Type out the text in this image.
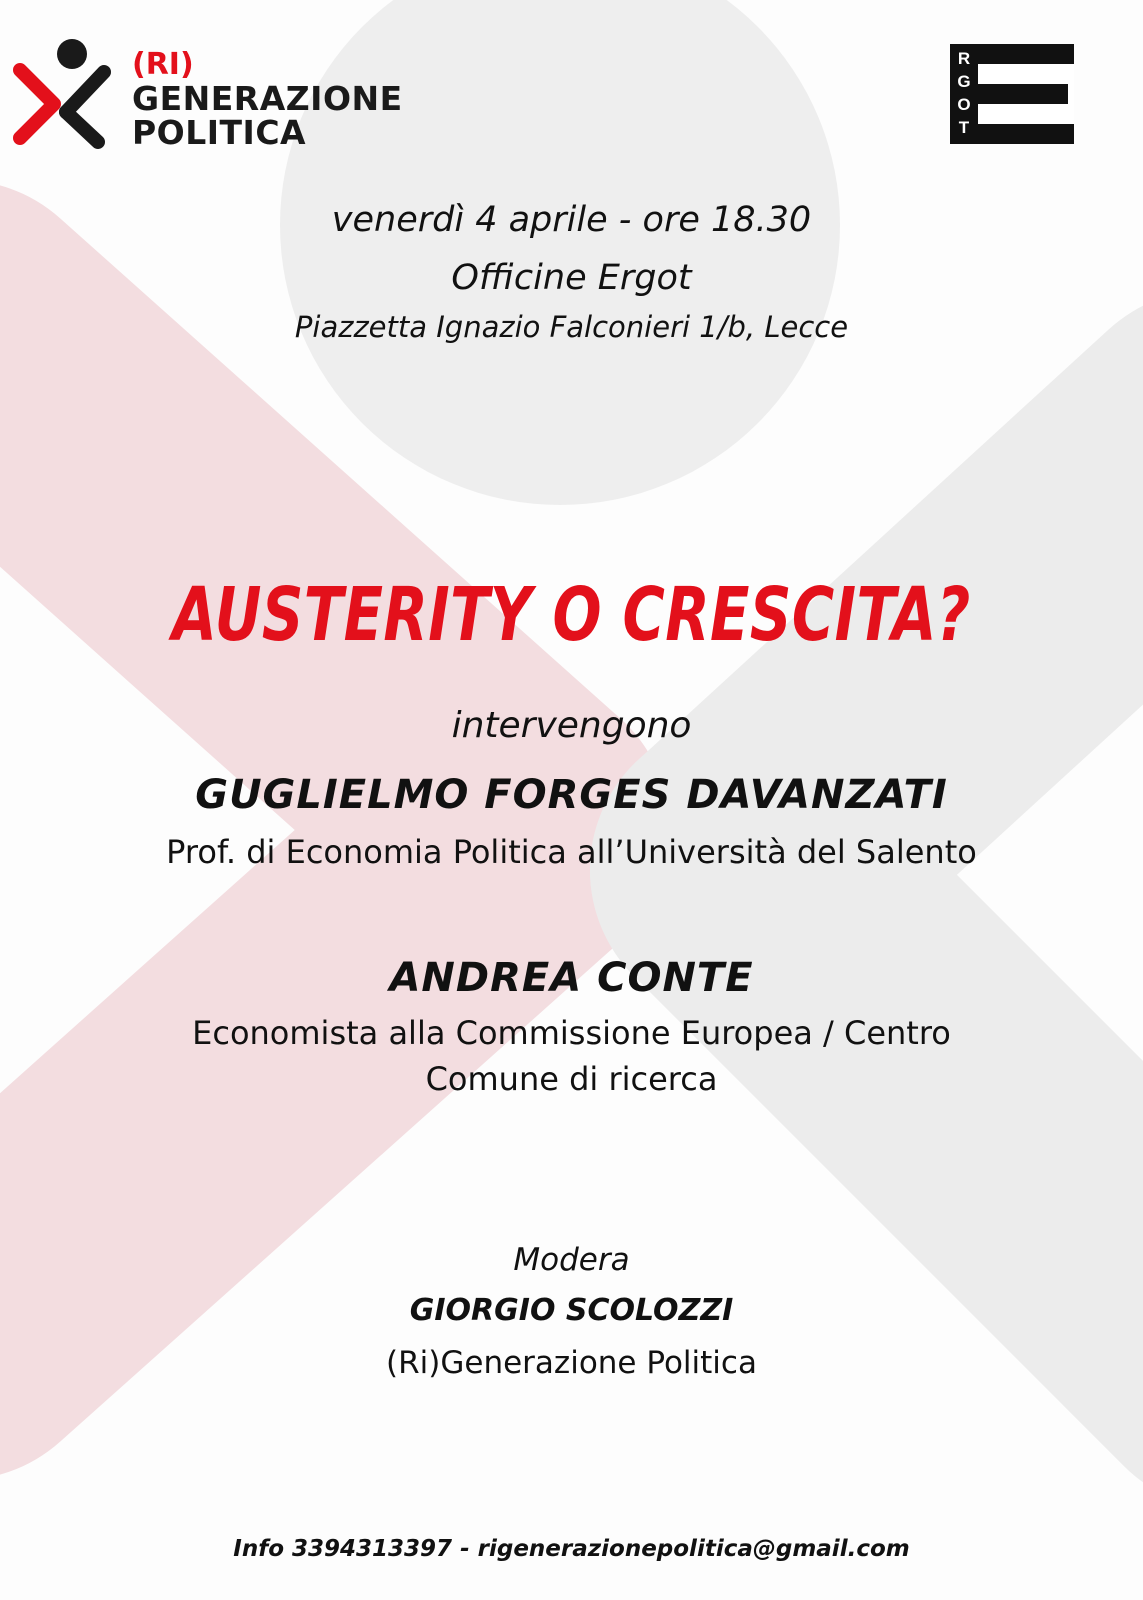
(RI)
GENERAZIONE
POLITICA
R
G
O
T
venerdì 4 aprile - ore 18.30
Officine Ergot
Piazzetta Ignazio Falconieri 1/b, Lecce
AUSTERITY O CRESCITA?
intervengono
GUGLIELMO FORGES DAVANZATI
Prof. di Economia Politica all’Università del Salento
ANDREA CONTE
Economista alla Commissione Europea / Centro
Comune di ricerca
Modera
GIORGIO SCOLOZZI
(Ri)Generazione Politica
Info 3394313397 - rigenerazionepolitica@gmail.com
